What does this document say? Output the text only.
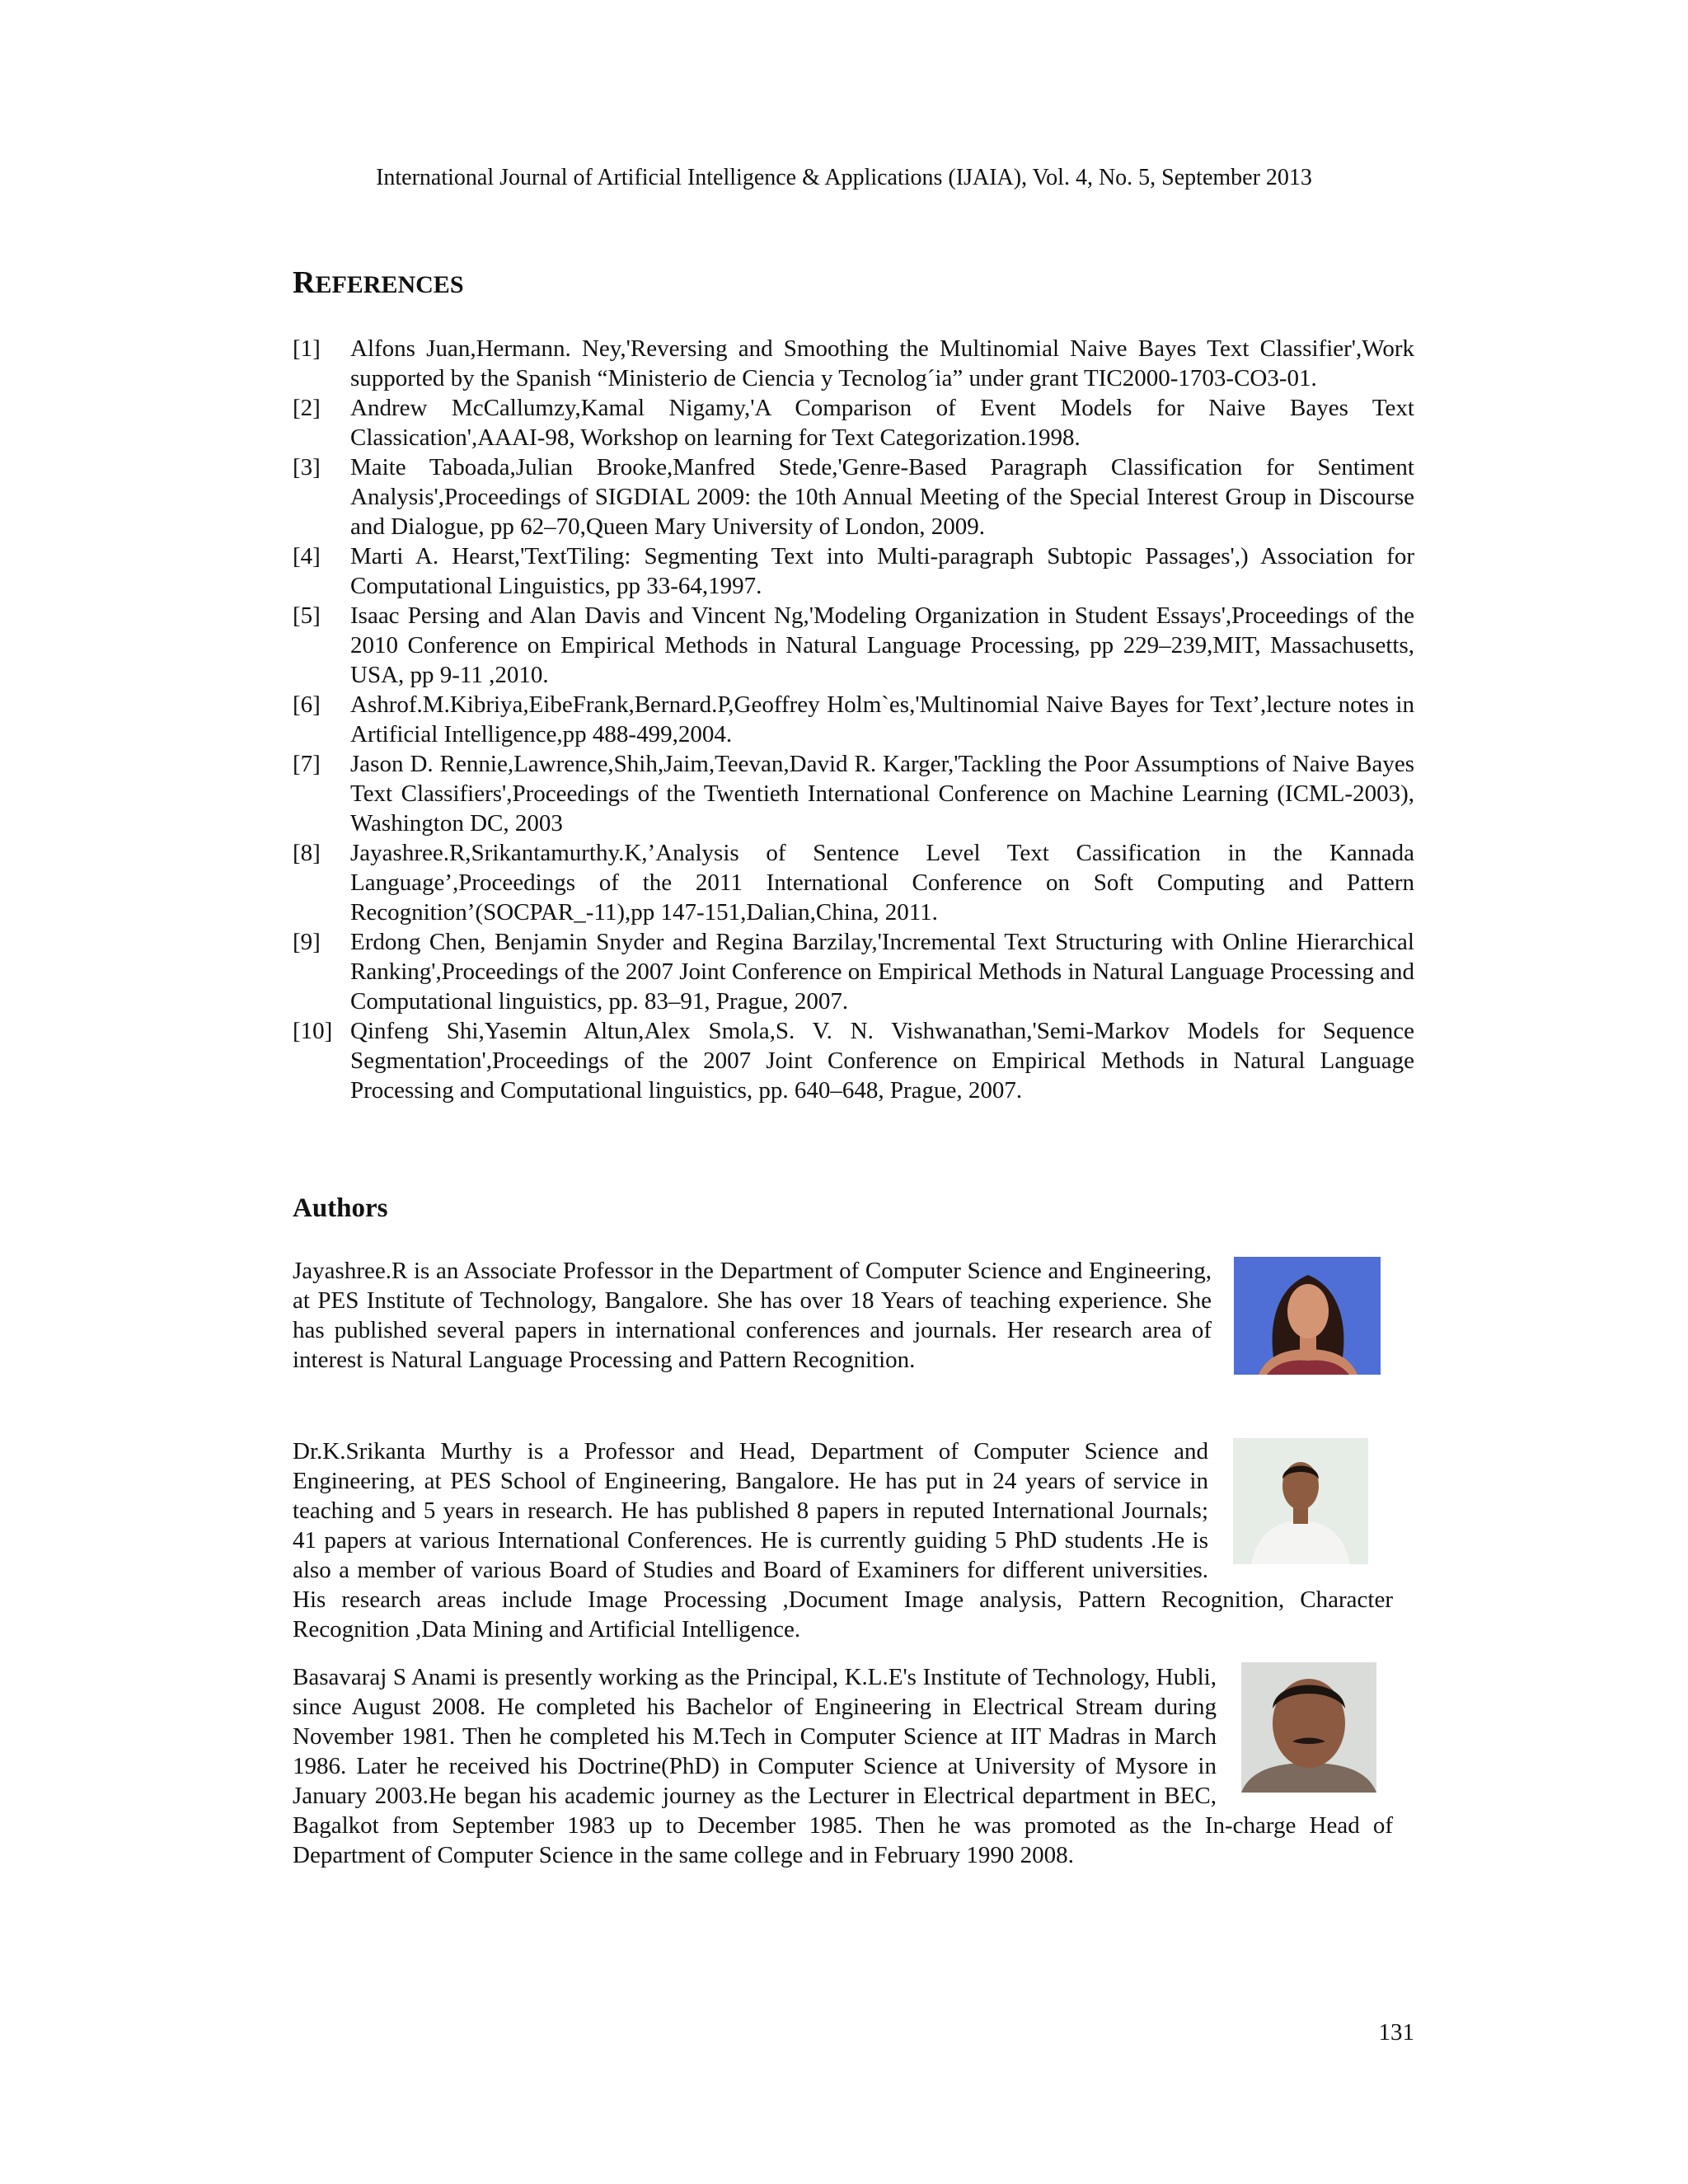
International Journal of Artificial Intelligence & Applications (IJAIA), Vol. 4, No. 5, September 2013
REFERENCES
[1] Alfons Juan,Hermann. Ney,'Reversing and Smoothing the Multinomial Naive Bayes Text Classifier',Work supported by the Spanish “Ministerio de Ciencia y Tecnolog´ia” under grant TIC2000-1703-CO3-01.
[2] Andrew McCallumzy,Kamal Nigamy,'A Comparison of Event Models for Naive Bayes Text Classication',AAAI-98, Workshop on learning for Text Categorization.1998.
[3] Maite Taboada,Julian Brooke,Manfred Stede,'Genre-Based Paragraph Classification for Sentiment Analysis',Proceedings of SIGDIAL 2009: the 10th Annual Meeting of the Special Interest Group in Discourse and Dialogue, pp 62–70,Queen Mary University of London, 2009.
[4] Marti A. Hearst,'TextTiling: Segmenting Text into Multi-paragraph Subtopic Passages',) Association for Computational Linguistics, pp 33-64,1997.
[5] Isaac Persing and Alan Davis and Vincent Ng,'Modeling Organization in Student Essays',Proceedings of the 2010 Conference on Empirical Methods in Natural Language Processing, pp 229–239,MIT, Massachusetts, USA, pp 9-11 ,2010.
[6] Ashrof.M.Kibriya,EibeFrank,Bernard.P,Geoffrey Holm`es,'Multinomial Naive Bayes for Text’,lecture notes in Artificial Intelligence,pp 488-499,2004.
[7] Jason D. Rennie,Lawrence,Shih,Jaim,Teevan,David R. Karger,'Tackling the Poor Assumptions of Naive Bayes Text Classifiers',Proceedings of the Twentieth International Conference on Machine Learning (ICML-2003), Washington DC, 2003
[8] Jayashree.R,Srikantamurthy.K,’Analysis of Sentence Level Text Cassification in the Kannada Language’,Proceedings of the 2011 International Conference on Soft Computing and Pattern Recognition’(SOCPAR_-11),pp 147-151,Dalian,China, 2011.
[9] Erdong Chen, Benjamin Snyder and Regina Barzilay,'Incremental Text Structuring with Online Hierarchical Ranking',Proceedings of the 2007 Joint Conference on Empirical Methods in Natural Language Processing and Computational linguistics, pp. 83–91, Prague, 2007.
[10] Qinfeng Shi,Yasemin Altun,Alex Smola,S. V. N. Vishwanathan,'Semi-Markov Models for Sequence Segmentation',Proceedings of the 2007 Joint Conference on Empirical Methods in Natural Language Processing and Computational linguistics, pp. 640–648, Prague, 2007.
Authors
Jayashree.R is an Associate Professor in the Department of Computer Science and Engineering, at PES Institute of Technology, Bangalore. She has over 18 Years of teaching experience. She has published several papers in international conferences and journals. Her research area of interest is Natural Language Processing and Pattern Recognition.
Dr.K.Srikanta Murthy is a Professor and Head, Department of Computer Science and Engineering, at PES School of Engineering, Bangalore. He has put in 24 years of service in teaching and 5 years in research. He has published 8 papers in reputed International Journals; 41 papers at various International Conferences. He is currently guiding 5 PhD students .He is also a member of various Board of Studies and Board of Examiners for different universities. His research areas include Image Processing ,Document Image analysis, Pattern Recognition, Character Recognition ,Data Mining and Artificial Intelligence.
Basavaraj S Anami is presently working as the Principal, K.L.E's Institute of Technology, Hubli, since August 2008. He completed his Bachelor of Engineering in Electrical Stream during November 1981. Then he completed his M.Tech in Computer Science at IIT Madras in March 1986. Later he received his Doctrine(PhD) in Computer Science at University of Mysore in January 2003.He began his academic journey as the Lecturer in Electrical department in BEC, Bagalkot from September 1983 up to December 1985. Then he was promoted as the In-charge Head of Department of Computer Science in the same college and in February 1990 2008.
131
